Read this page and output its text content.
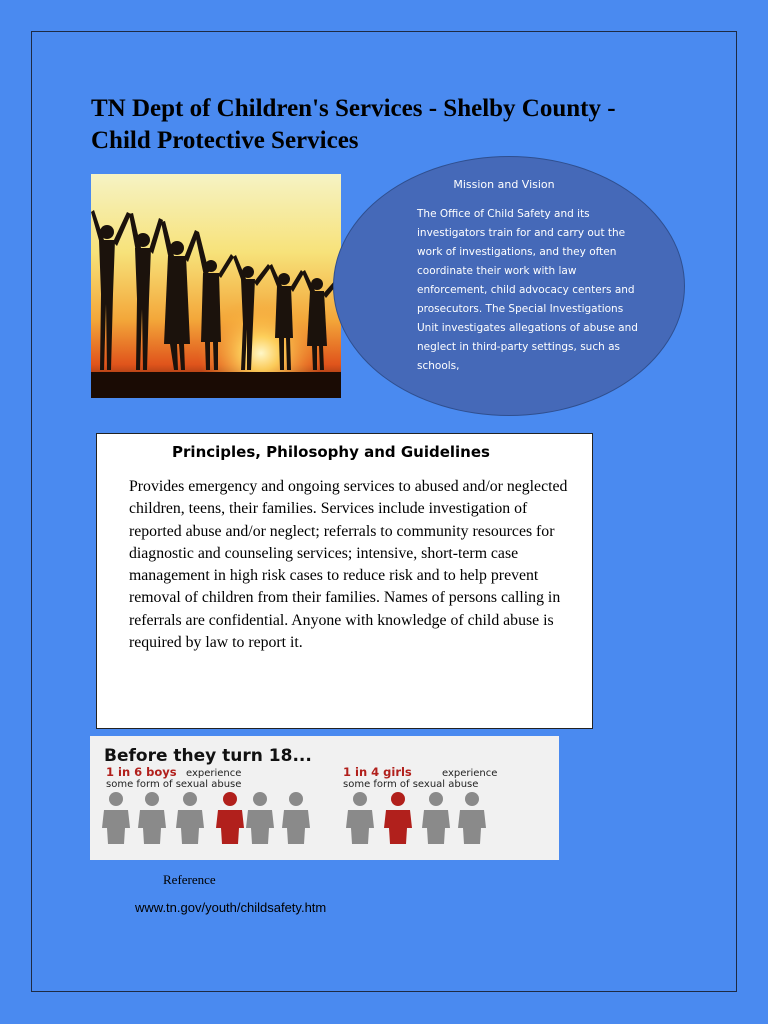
TN Dept of Children's Services - Shelby County -
Child Protective Services
Mission and Vision
The Office of Child Safety and its investigators train for and carry out the work of investigations, and they often coordinate their work with law enforcement, child advocacy centers and prosecutors. The Special Investigations Unit investigates allegations of abuse and neglect in third-party settings, such as schools,
Principles, Philosophy and Guidelines
Provides emergency and ongoing services to abused and/or neglected children, teens, their families. Services include investigation of reported abuse and/or neglect; referrals to community resources for diagnostic and counseling services; intensive, short-term case management in high risk cases to reduce risk and to help prevent removal of children from their families. Names of persons calling in referrals are confidential. Anyone with knowledge of child abuse is required by law to report it.
Before they turn 18...
1 in 6 boys experience
some form of sexual abuse
1 in 4 girls	experience
some form of sexual abuse
Reference
www.tn.gov/youth/childsafety.htm
